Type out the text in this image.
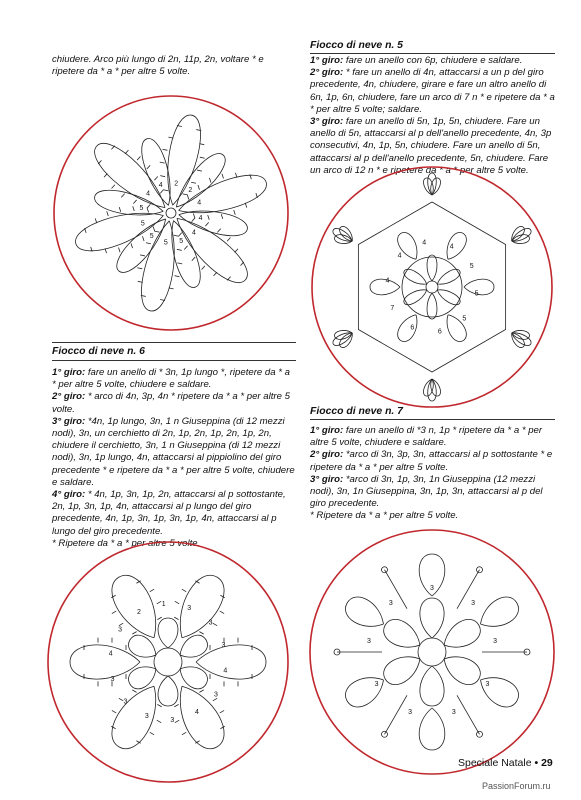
chiudere. Arco più lungo di 2n, 11p, 2n, voltare * e ripetere da * a * per altre 5 volte.

Fiocco di neve n. 5

1° giro: fare un anello con 6p, chiudere e saldare.

2° giro: * fare un anello di 4n, attaccarsi a un p del giro precedente, 4n, chiudere, girare e fare un altro anello di 6n, 1p, 6n, chiudere, fare un arco di 7 n * e ripetere da * a * per altre 5 volte; saldare.

3° giro: fare un anello di 5n, 1p, 5n, chiudere. Fare un anello di 5n, attaccarsi al p dell'anello precedente, 4n, 3p consecutivi, 4n, 1p, 5n, chiudere. Fare un anello di 5n, attaccarsi al p dell'anello precedente, 5n, chiudere. Fare un arco di 12 n * e ripetere da * a * per altre 5 volte.

Fiocco di neve n. 6

1° giro: fare un anello di * 3n, 1p lungo *, ripetere da * a * per altre 5 volte, chiudere e saldare.

2° giro: * arco di 4n, 3p, 4n * ripetere da * a * per altre 5 volte.

3° giro: *4n, 1p lungo, 3n, 1 n Giuseppina (di 12 mezzi nodi), 3n, un cerchietto di 2n, 1p, 2n, 1p, 2n, 1p, 2n, chiudere il cerchietto, 3n, 1 n Giuseppina (di 12 mezzi nodi), 3n, 1p lungo, 4n, attaccarsi al pippiolino del giro precedente * e ripetere da * a * per altre 5 volte, chiudere e saldare.

4° giro: * 4n, 1p, 3n, 1p, 2n, attaccarsi al p sottostante, 2n, 1p, 3n, 1p, 4n, attaccarsi al p lungo del giro precedente, 4n, 1p, 3n, 1p, 3n, 1p, 4n, attaccarsi al p lungo del giro precedente.

* Ripetere da * a * per altre 5 volte.

Fiocco di neve n. 7

1° giro: fare un anello di *3 n, 1p * ripetere da * a * per altre 5 volte, chiudere e saldare.

2° giro: *arco di 3n, 3p, 3n, attaccarsi al p sottostante * e ripetere da * a * per altre 5 volte.

3° giro: *arco di 3n, 1p, 3n, 1n Giuseppina (12 mezzi nodi), 3n, 1n Giuseppina, 3n, 1p, 3n, attaccarsi al p del giro precedente.

* Ripetere da * a * per altre 5 volte.

2
2
4
4
4
5
5
5
5
5
4
4
4
4
5
5
5
6
6
7
4
4
2
1
3
3
3
4
3
4
3
3
3
3
4
3
3
3
3
3
3
3
3
3
3
Speciale Natale • 29
PassionForum.ru
